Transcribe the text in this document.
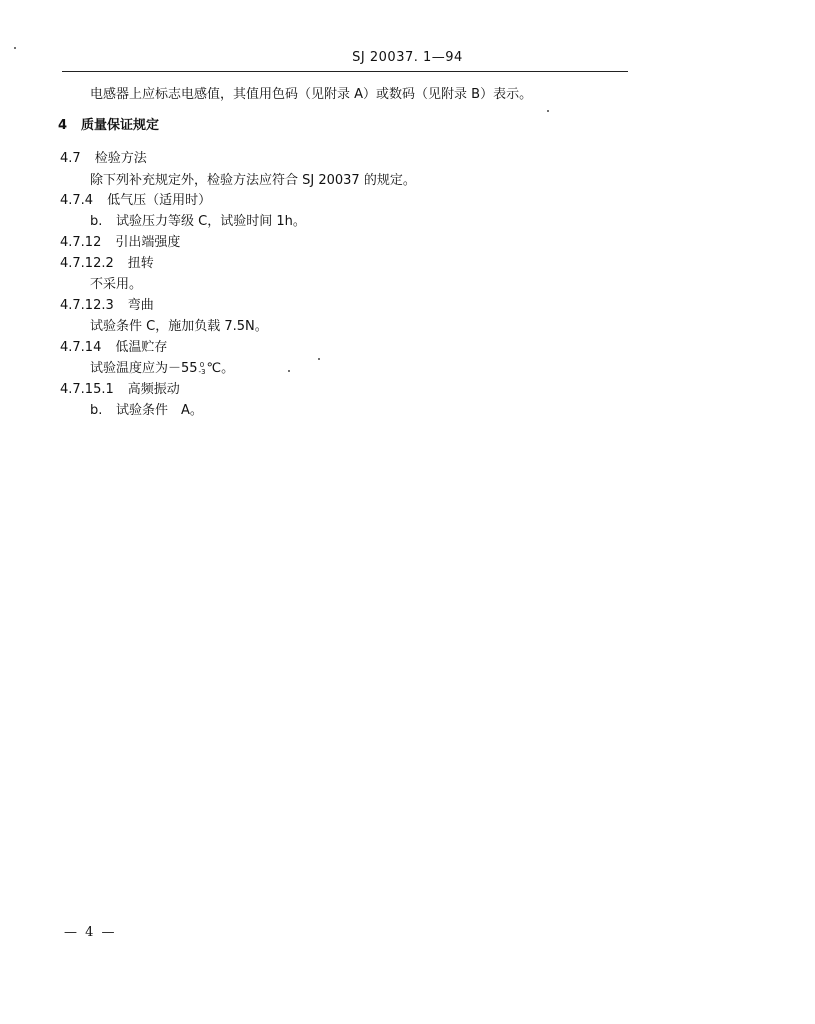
SJ 20037. 1—94
电感器上应标志电感值，其值用色码（见附录 A）或数码（见附录 B）表示。
4 质量保证规定
4.7 检验方法
除下列补充规定外，检验方法应符合 SJ 20037 的规定。
4.7.4 低气压（适用时）
b. 试验压力等级 C，试验时间 1h。
4.7.12 引出端强度
4.7.12.2 扭转
不采用。
4.7.12.3 弯曲
试验条件 C，施加负载 7.5N。
4.7.14 低温贮存
试验温度应为－55 0
-3 ℃。
4.7.15.1 高频振动
b. 试验条件　A。
— 4 —
